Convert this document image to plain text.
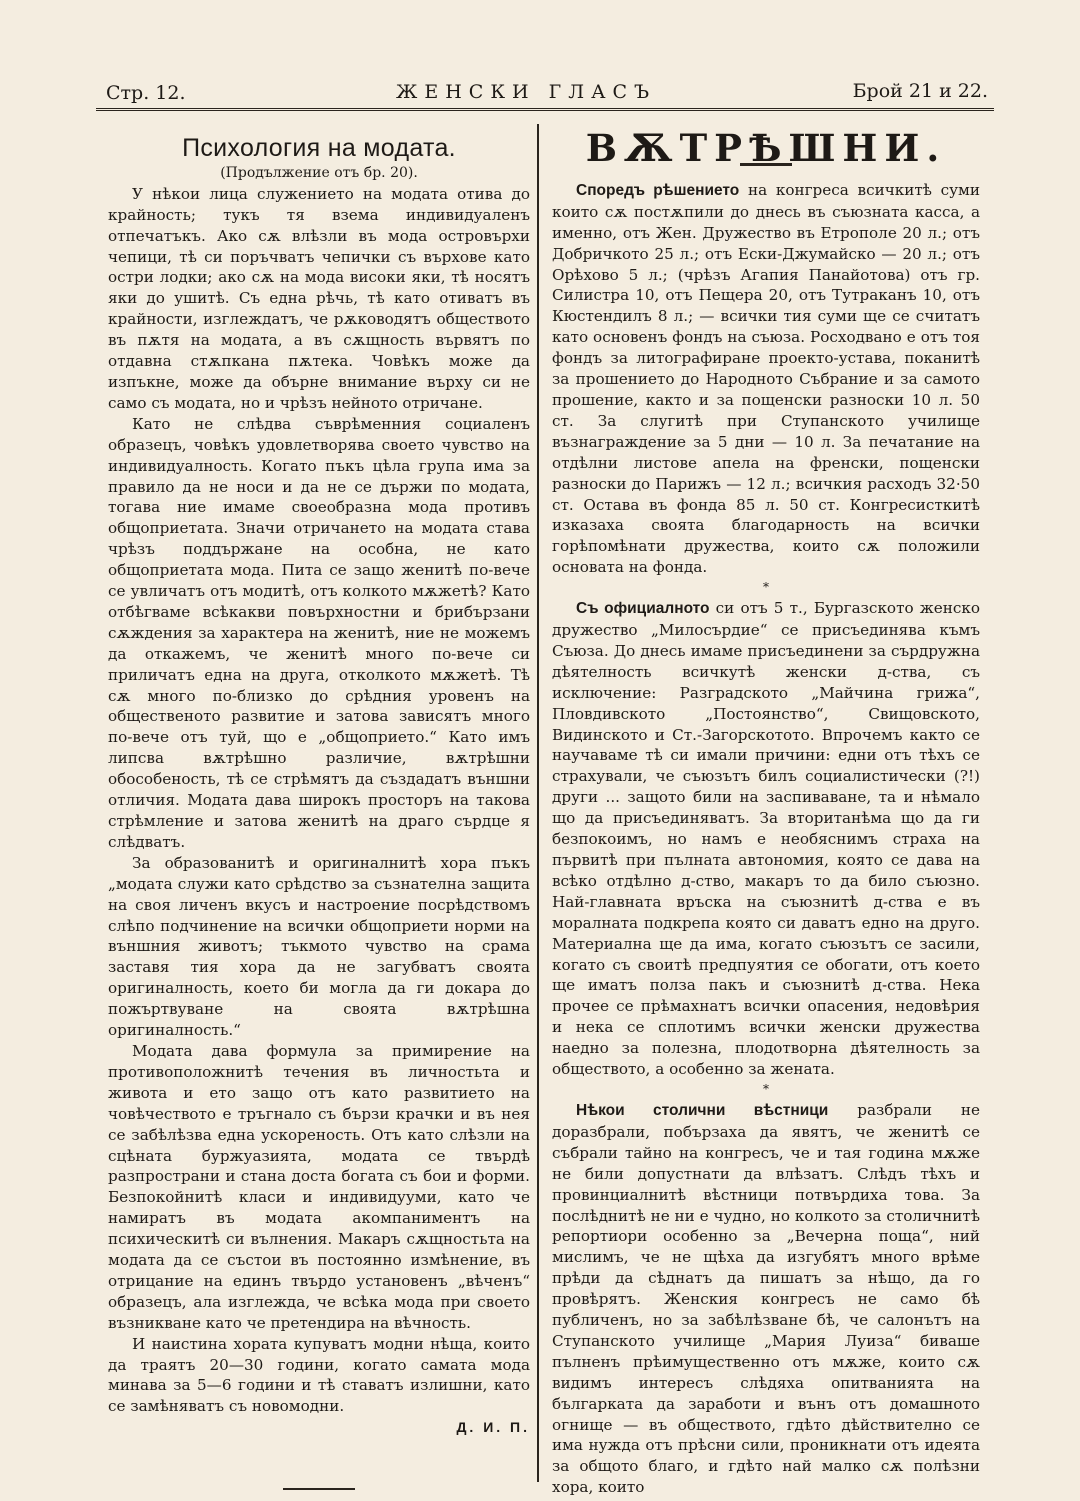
Стр. 12.	ЖЕНСКИ ГЛАСЪ	Брой 21 и 22.
Психология на модата.

(Продължение отъ бр. 20).

У нѣкои лица служението на модата отива до крайность; тукъ тя взема индивидуаленъ отпечатъкъ. Ако сѫ влѣзли въ мода островърхи чепици, тѣ си поръчватъ чепички съ върхове като остри лодки; ако сѫ на мода високи яки, тѣ носятъ яки до ушитѣ. Съ една рѣчь, тѣ като отиватъ въ крайности, изглеждатъ, че рѫководятъ обществото въ пѫтя на модата, а въ сѫщность вървятъ по отдавна стѫпкана пѫтека. Човѣкъ може да изпъкне, може да обърне внимание върху си не само съ модата, но и чрѣзъ нейното отричане.

Като не слѣдва съврѣменния социаленъ образецъ, човѣкъ удовлетворява своето чувство на индивидуалность. Когато пъкъ цѣла група има за правило да не носи и да не се държи по модата, тогава ние имаме своеобразна мода противъ общоприетата. Значи отричането на модата става чрѣзъ поддържане на особна, не като общоприетата мода. Пита се защо женитѣ по-вече се увличатъ отъ модитѣ, отъ колкото мѫжетѣ? Като отбѣгваме всѣкакви повърхностни и брибързани сѫждения за характера на женитѣ, ние не можемъ да откажемъ, че женитѣ много по-вече си приличатъ една на друга, отколкото мѫжетѣ. Тѣ сѫ много по-близко до срѣдния уровенъ на общественото развитие и затова зависятъ много по-вече отъ туй, що е „общоприето.“ Като имъ липсва вѫтрѣшно различие, вѫтрѣшни обособеность, тѣ се стрѣмятъ да създадатъ външни отличия. Модата дава широкъ просторъ на такова стрѣмление и затова женитѣ на драго сърдце я слѣдватъ.

За образованитѣ и оригиналнитѣ хора пъкъ „модата служи като срѣдство за съзнателна защита на своя личенъ вкусъ и настроение посрѣдствомъ слѣпо подчинение на всички общоприети норми на външния животъ; тъкмото чувство на срама заставя тия хора да не загубватъ своята оригиналность, което би могла да ги докара до пожъртвуване на своята вѫтрѣшна оригиналность.“

Модата дава формула за примирение на противоположнитѣ течения въ личностьта и живота и ето защо отъ като развитието на човѣчеството е тръгнало съ бързи крачки и въ нея се забѣлѣзва една ускореность. Отъ като слѣзли на сцѣната буржуазията, модата се твърдѣ разпространи и стана доста богата съ бои и форми. Безпокойнитѣ класи и индивидууми, като че намиратъ въ модата акомпаниментъ на психическитѣ си вълнения. Макаръ сѫщностьта на модата да се състои въ постоянно измѣнение, въ отрицание на единъ твърдо установенъ „вѣченъ“ образецъ, ала изглежда, че всѣка мода при своето възникване като че претендира на вѣчность.

И наистина хората купуватъ модни нѣща, които да траятъ 20—30 години, когато самата мода минава за 5—6 години и тѣ ставатъ излишни, като се замѣняватъ съ новомодни.

Д. И. П.

ВѪТРѢШНИ.

Споредъ рѣшението на конгреса всичкитѣ суми които сѫ постѫпили до днесь въ съюзната касса, а именно, отъ Жен. Дружество въ Етрополе 20 л.; отъ Добричкото 25 л.; отъ Ески-Джумайско — 20 л.; отъ Орѣхово 5 л.; (чрѣзъ Агапия Панайотова) отъ гр. Силистра 10, отъ Пещера 20, отъ Тутраканъ 10, отъ Кюстендилъ 8 л.; — всички тия суми ще се считатъ като основенъ фондъ на съюза. Росходвано е отъ тоя фондъ за литографиране проекто-устава, поканитѣ за прошението до Народното Събрание и за самото прошение, както и за пощенски разноски 10 л. 50 ст. За слугитѣ при Ступанското училище възнаграждение за 5 дни — 10 л. За печатание на отдѣлни листове апела на френски, пощенски разноски до Парижъ — 12 л.; всичкия расходъ 32·50 ст. Остава въ фонда 85 л. 50 ст. Конгресисткитѣ изказаха своята благодарность на всички горѣпомѣнати дружества, които сѫ положили основата на фонда.

*

Съ официалното си отъ 5 т., Бургазското женско дружество „Милосърдие“ се присъединява къмъ Съюза. До днесь имаме присъединени за сърдружна дѣятелность всичкутѣ женски д-ства, съ исключение: Разградското „Майчина грижа“, Пловдивското „Постоянство“, Свищовското, Видинското и Ст.-Загорскотото. Впрочемъ както се научаваме тѣ си имали причини: едни отъ тѣхъ се страхували, че съюзътъ билъ социалистически (?!) други ... защото били на заспиваване, та и нѣмало що да присъединяватъ. За втоританѣма що да ги безпокоимъ, но намъ е необяснимъ страха на първитѣ при пълната автономия, която се дава на всѣко отдѣлно д-ство, макаръ то да било съюзно. Най-главната връска на съюзнитѣ д-ства е въ моралната подкрепа която си даватъ едно на друго. Материална ще да има, когато съюзътъ се засили, когато съ своитѣ предпуятия се обогати, отъ което ще иматъ полза пакъ и съюзнитѣ д-ства. Нека прочее се прѣмахнатъ всички опасения, недовѣрия и нека се сплотимъ всички женски дружества наедно за полезна, плодотворна дѣятелность за обществото, а особенно за жената.

*

Нѣкои столични вѣстници разбрали не доразбрали, побързаха да явятъ, че женитѣ се събрали тайно на конгресъ, че и тая година мѫже не били допустнати да влѣзатъ. Слѣдъ тѣхъ и провинциалнитѣ вѣстници потвърдиха това. За послѣднитѣ не ни е чудно, но колкото за столичнитѣ репортиори особенно за „Вечерна поща“, ний мислимъ, че не щѣха да изгубятъ много врѣме прѣди да сѣднатъ да пишатъ за нѣщо, да го провѣрятъ. Женския конгресъ не само бѣ публиченъ, но за забѣлѣзване бѣ, че салонътъ на Ступанското училище „Мария Луиза“ биваше пълненъ прѣимущественно отъ мѫже, които сѫ видимъ интересъ слѣдяха опитванията на българката да заработи и вънъ отъ домашното огнище — въ обществото, гдѣто дѣйствително се има нужда отъ прѣсни сили, проникнати отъ идеята за общото благо, и гдѣто най малко сѫ полѣзни хора, които
